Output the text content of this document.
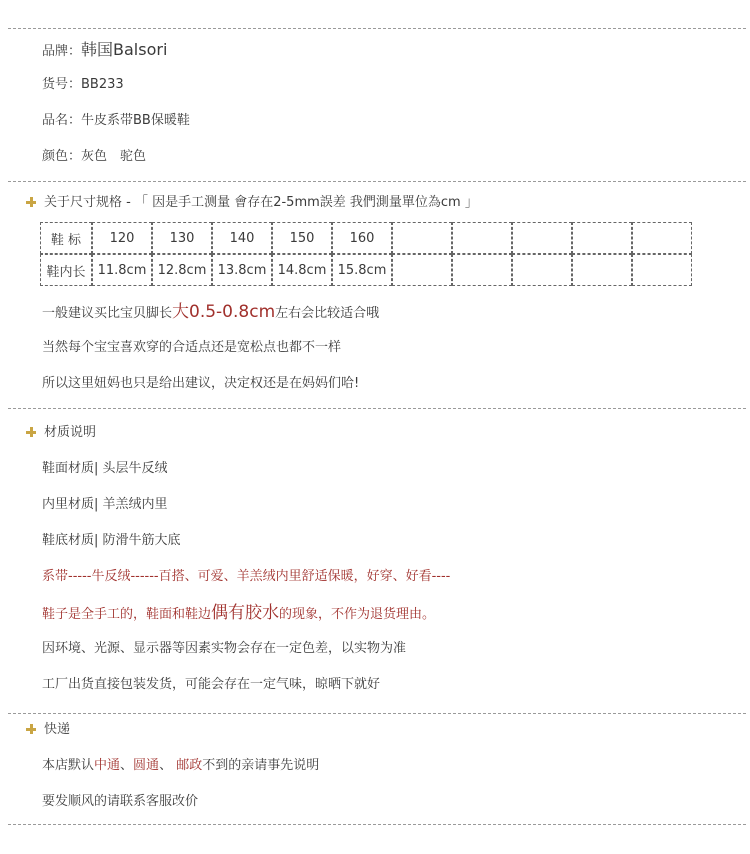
品牌：韩国Balsori
货号：BB233
品名：牛皮系带BB保暖鞋
颜色：灰色　驼色
关于尺寸规格 - 「 因是手工测量 會存在2-5mm誤差 我們測量單位為cm 」
鞋 标	120	130	140	150	160					
鞋内长	11.8cm	12.8cm	13.8cm	14.8cm	15.8cm					
一般建议买比宝贝脚长大0.5-0.8cm左右会比较适合哦
当然每个宝宝喜欢穿的合适点还是宽松点也都不一样
所以这里妞妈也只是给出建议，决定权还是在妈妈们哈!
材质说明
鞋面材质| 头层牛反绒
内里材质| 羊羔绒内里
鞋底材质| 防滑牛筋大底
系带-----牛反绒------百搭、可爱、羊羔绒内里舒适保暖，好穿、好看----
鞋子是全手工的，鞋面和鞋边偶有胶水的现象，不作为退货理由。
因环境、光源、显示器等因素实物会存在一定色差，以实物为准
工厂出货直接包装发货，可能会存在一定气味，晾晒下就好
快递
本店默认中通、圆通、 邮政不到的亲请事先说明
要发顺风的请联系客服改价
